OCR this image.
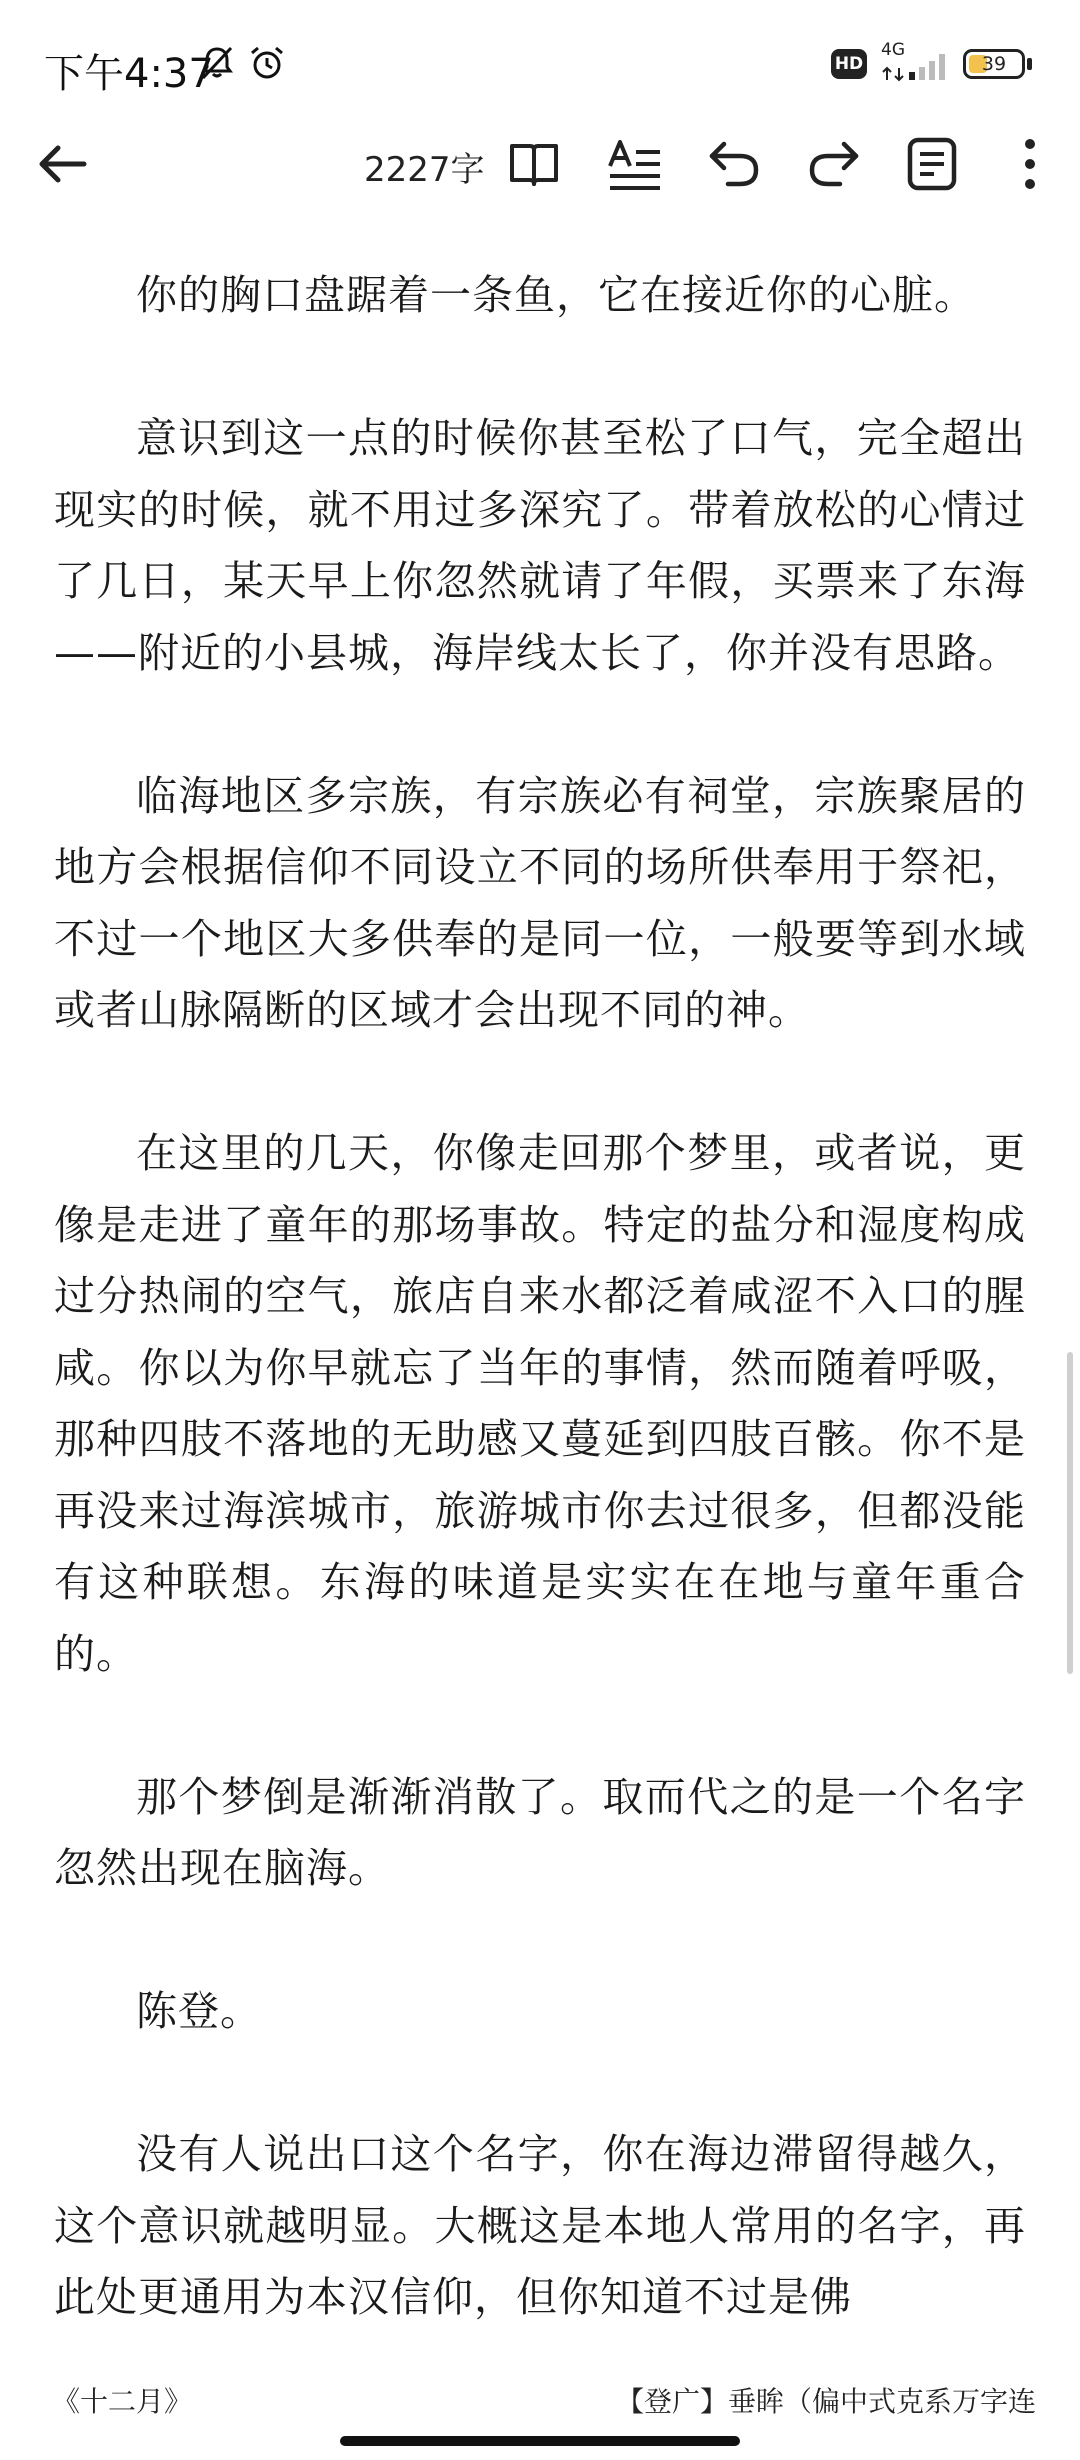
下午4:37	HD
4G
39
2227字

你的胸口盘踞着一条鱼，它在接近你的心脏。

意识到这一点的时候你甚至松了口气，完全超出现实的时候，就不用过多深究了。带着放松的心情过了几日，某天早上你忽然就请了年假，买票来了东海——附近的小县城，海岸线太长了，你并没有思路。

临海地区多宗族，有宗族必有祠堂，宗族聚居的地方会根据信仰不同设立不同的场所供奉用于祭祀，不过一个地区大多供奉的是同一位，一般要等到水域或者山脉隔断的区域才会出现不同的神。

在这里的几天，你像走回那个梦里，或者说，更像是走进了童年的那场事故。特定的盐分和湿度构成过分热闹的空气，旅店自来水都泛着咸涩不入口的腥咸。你以为你早就忘了当年的事情，然而随着呼吸，那种四肢不落地的无助感又蔓延到四肢百骸。你不是再没来过海滨城市，旅游城市你去过很多，但都没能有这种联想。东海的味道是实实在在地与童年重合的。

那个梦倒是渐渐消散了。取而代之的是一个名字忽然出现在脑海。

陈登。

没有人说出口这个名字，你在海边滞留得越久，这个意识就越明显。大概这是本地人常用的名字，再此处更通用为本汉信仰，但你知道不过是佛

《十二月》	【登广】垂眸（偏中式克系万字连
